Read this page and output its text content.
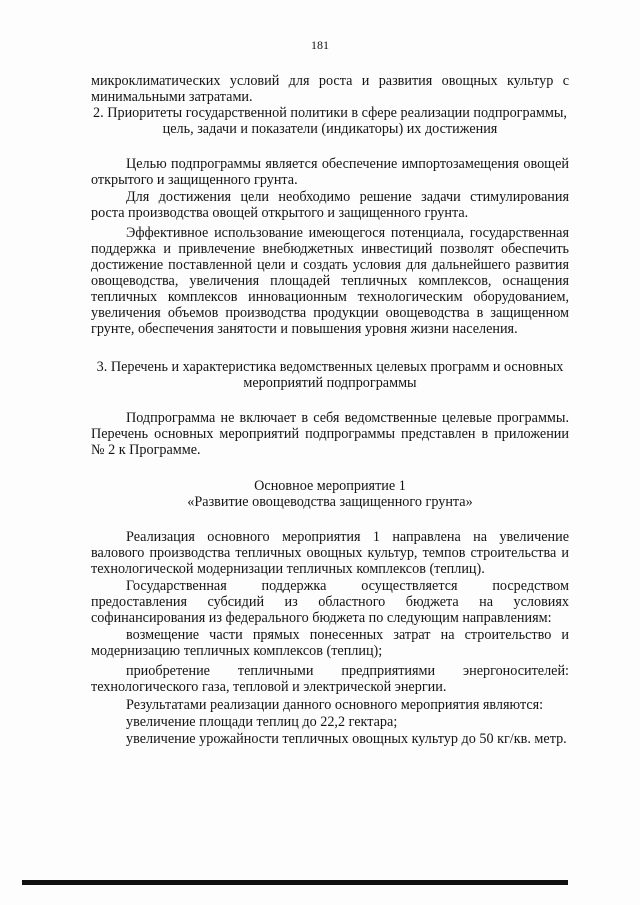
181

микроклиматических условий для роста и развития овощных культур с минимальными затратами.

2. Приоритеты государственной политики в сфере реализации подпрограммы, цель, задачи и показатели (индикаторы) их достижения

Целью подпрограммы является обеспечение импортозамещения овощей открытого и защищенного грунта.

Для достижения цели необходимо решение задачи стимулирования роста производства овощей открытого и защищенного грунта.

Эффективное использование имеющегося потенциала, государственная поддержка и привлечение внебюджетных инвестиций позволят обеспечить достижение поставленной цели и создать условия для дальнейшего развития овощеводства, увеличения площадей тепличных комплексов, оснащения тепличных комплексов инновационным технологическим оборудованием, увеличения объемов производства продукции овощеводства в защищенном грунте, обеспечения занятости и повышения уровня жизни населения.

3. Перечень и характеристика ведомственных целевых программ и основных мероприятий подпрограммы

Подпрограмма не включает в себя ведомственные целевые программы. Перечень основных мероприятий подпрограммы представлен в приложении № 2 к Программе.

Основное мероприятие 1

«Развитие овощеводства защищенного грунта»

Реализация основного мероприятия 1 направлена на увеличение валового производства тепличных овощных культур, темпов строительства и технологической модернизации тепличных комплексов (теплиц).

Государственная поддержка осуществляется посредством предоставления субсидий из областного бюджета на условиях софинансирования из федерального бюджета по следующим направлениям:

возмещение части прямых понесенных затрат на строительство и модернизацию тепличных комплексов (теплиц);

приобретение тепличными предприятиями энергоносителей: технологического газа, тепловой и электрической энергии.

Результатами реализации данного основного мероприятия являются:

увеличение площади теплиц до 22,2 гектара;

увеличение урожайности тепличных овощных культур до 50 кг/кв. метр.
